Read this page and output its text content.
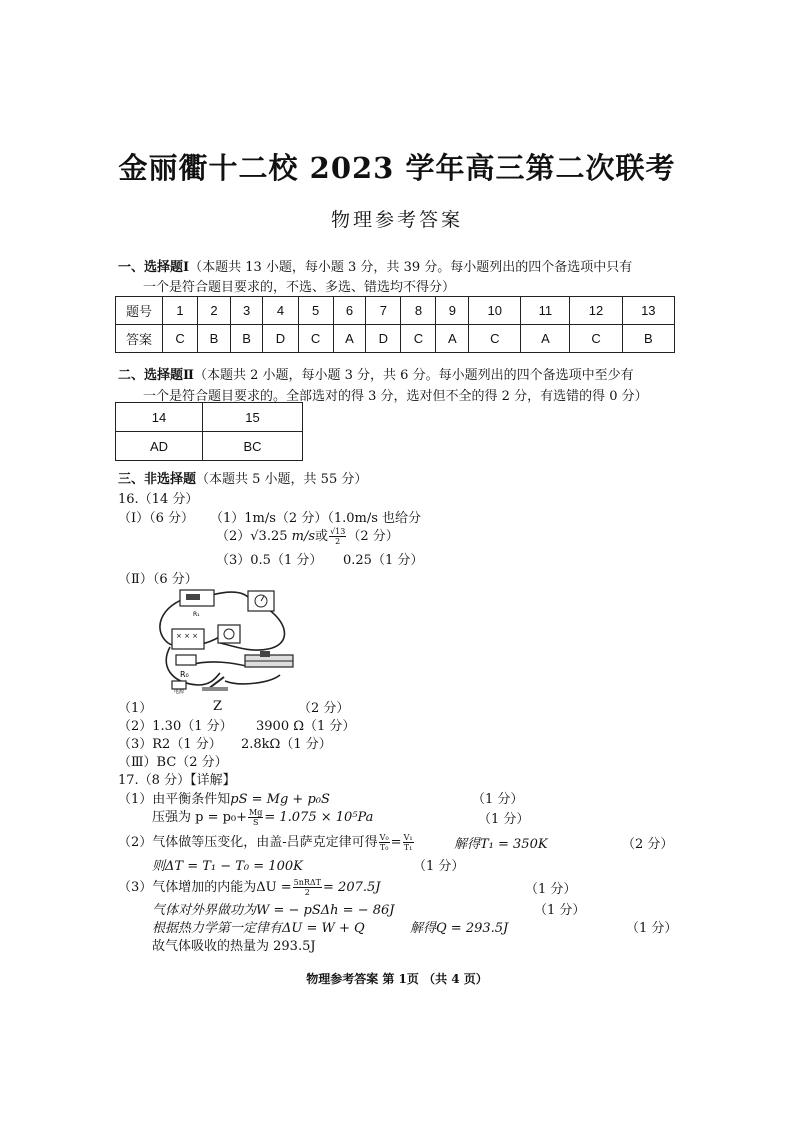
金丽衢十二校 2023 学年高三第二次联考
物理参考答案
一、选择题Ⅰ（本题共 13 小题，每小题 3 分，共 39 分。每小题列出的四个备选项中只有
一个是符合题目要求的，不选、多选、错选均不得分）
题号	1	2	3	4	5	6	7	8	9	10	11	12	13
答案	C	B	B	D	C	A	D	C	A	C	A	C	B
二、选择题Ⅱ（本题共 2 小题，每小题 3 分，共 6 分。每小题列出的四个备选项中至少有
一个是符合题目要求的。全部选对的得 3 分，选对但不全的得 2 分，有选错的得 0 分）
14	15
AD	BC
三、非选择题（本题共 5 小题，共 55 分）
16.（14 分）
（Ⅰ）（6 分） （1）1m/s（2 分）（1.0m/s 也给分
（2）√3.25 m/s或 $\frac{√13}{2} (2$ 分）
（3）0.5（1 分） 0.25（1 分）
（Ⅱ）（6 分）
R₁
× × ×
R₀
电源
（1）	Z	（2 分）
（2）1.30（1 分） 3900 Ω（1 分）
（3）R2（1 分） 2.8kΩ（1 分）
（Ⅲ）BC（2 分）
17.（8 分）【详解】
（1）由平衡条件知pS = Mg + p₀S	（1 分）
压强为 $p = p_0+ \frac{Mg}{S} = 1.075 \times 10^5Pa$	（1 分）
（2）气体做等压变化，由盖-吕萨克定律可得 $\frac{\text{V₀}}{\text{T₀}} = \frac{\text{V₁}}{\text{T₁}}$	解得T₁ = 350K	（2 分）
则ΔT = T₁ − T₀ = 100K	（1 分）
（3）气体增加的内能为$\Delta U = \frac{\text{5nRΔT}}{2} = 207.5J$	（1 分）
气体对外界做功为W = − pSΔh = − 86J	（1 分）
根据热力学第一定律有ΔU = W + Q	解得Q = 293.5J	（1 分）
故气体吸收的热量为 293.5J
物理参考答案 第 1页 （共 4 页）
